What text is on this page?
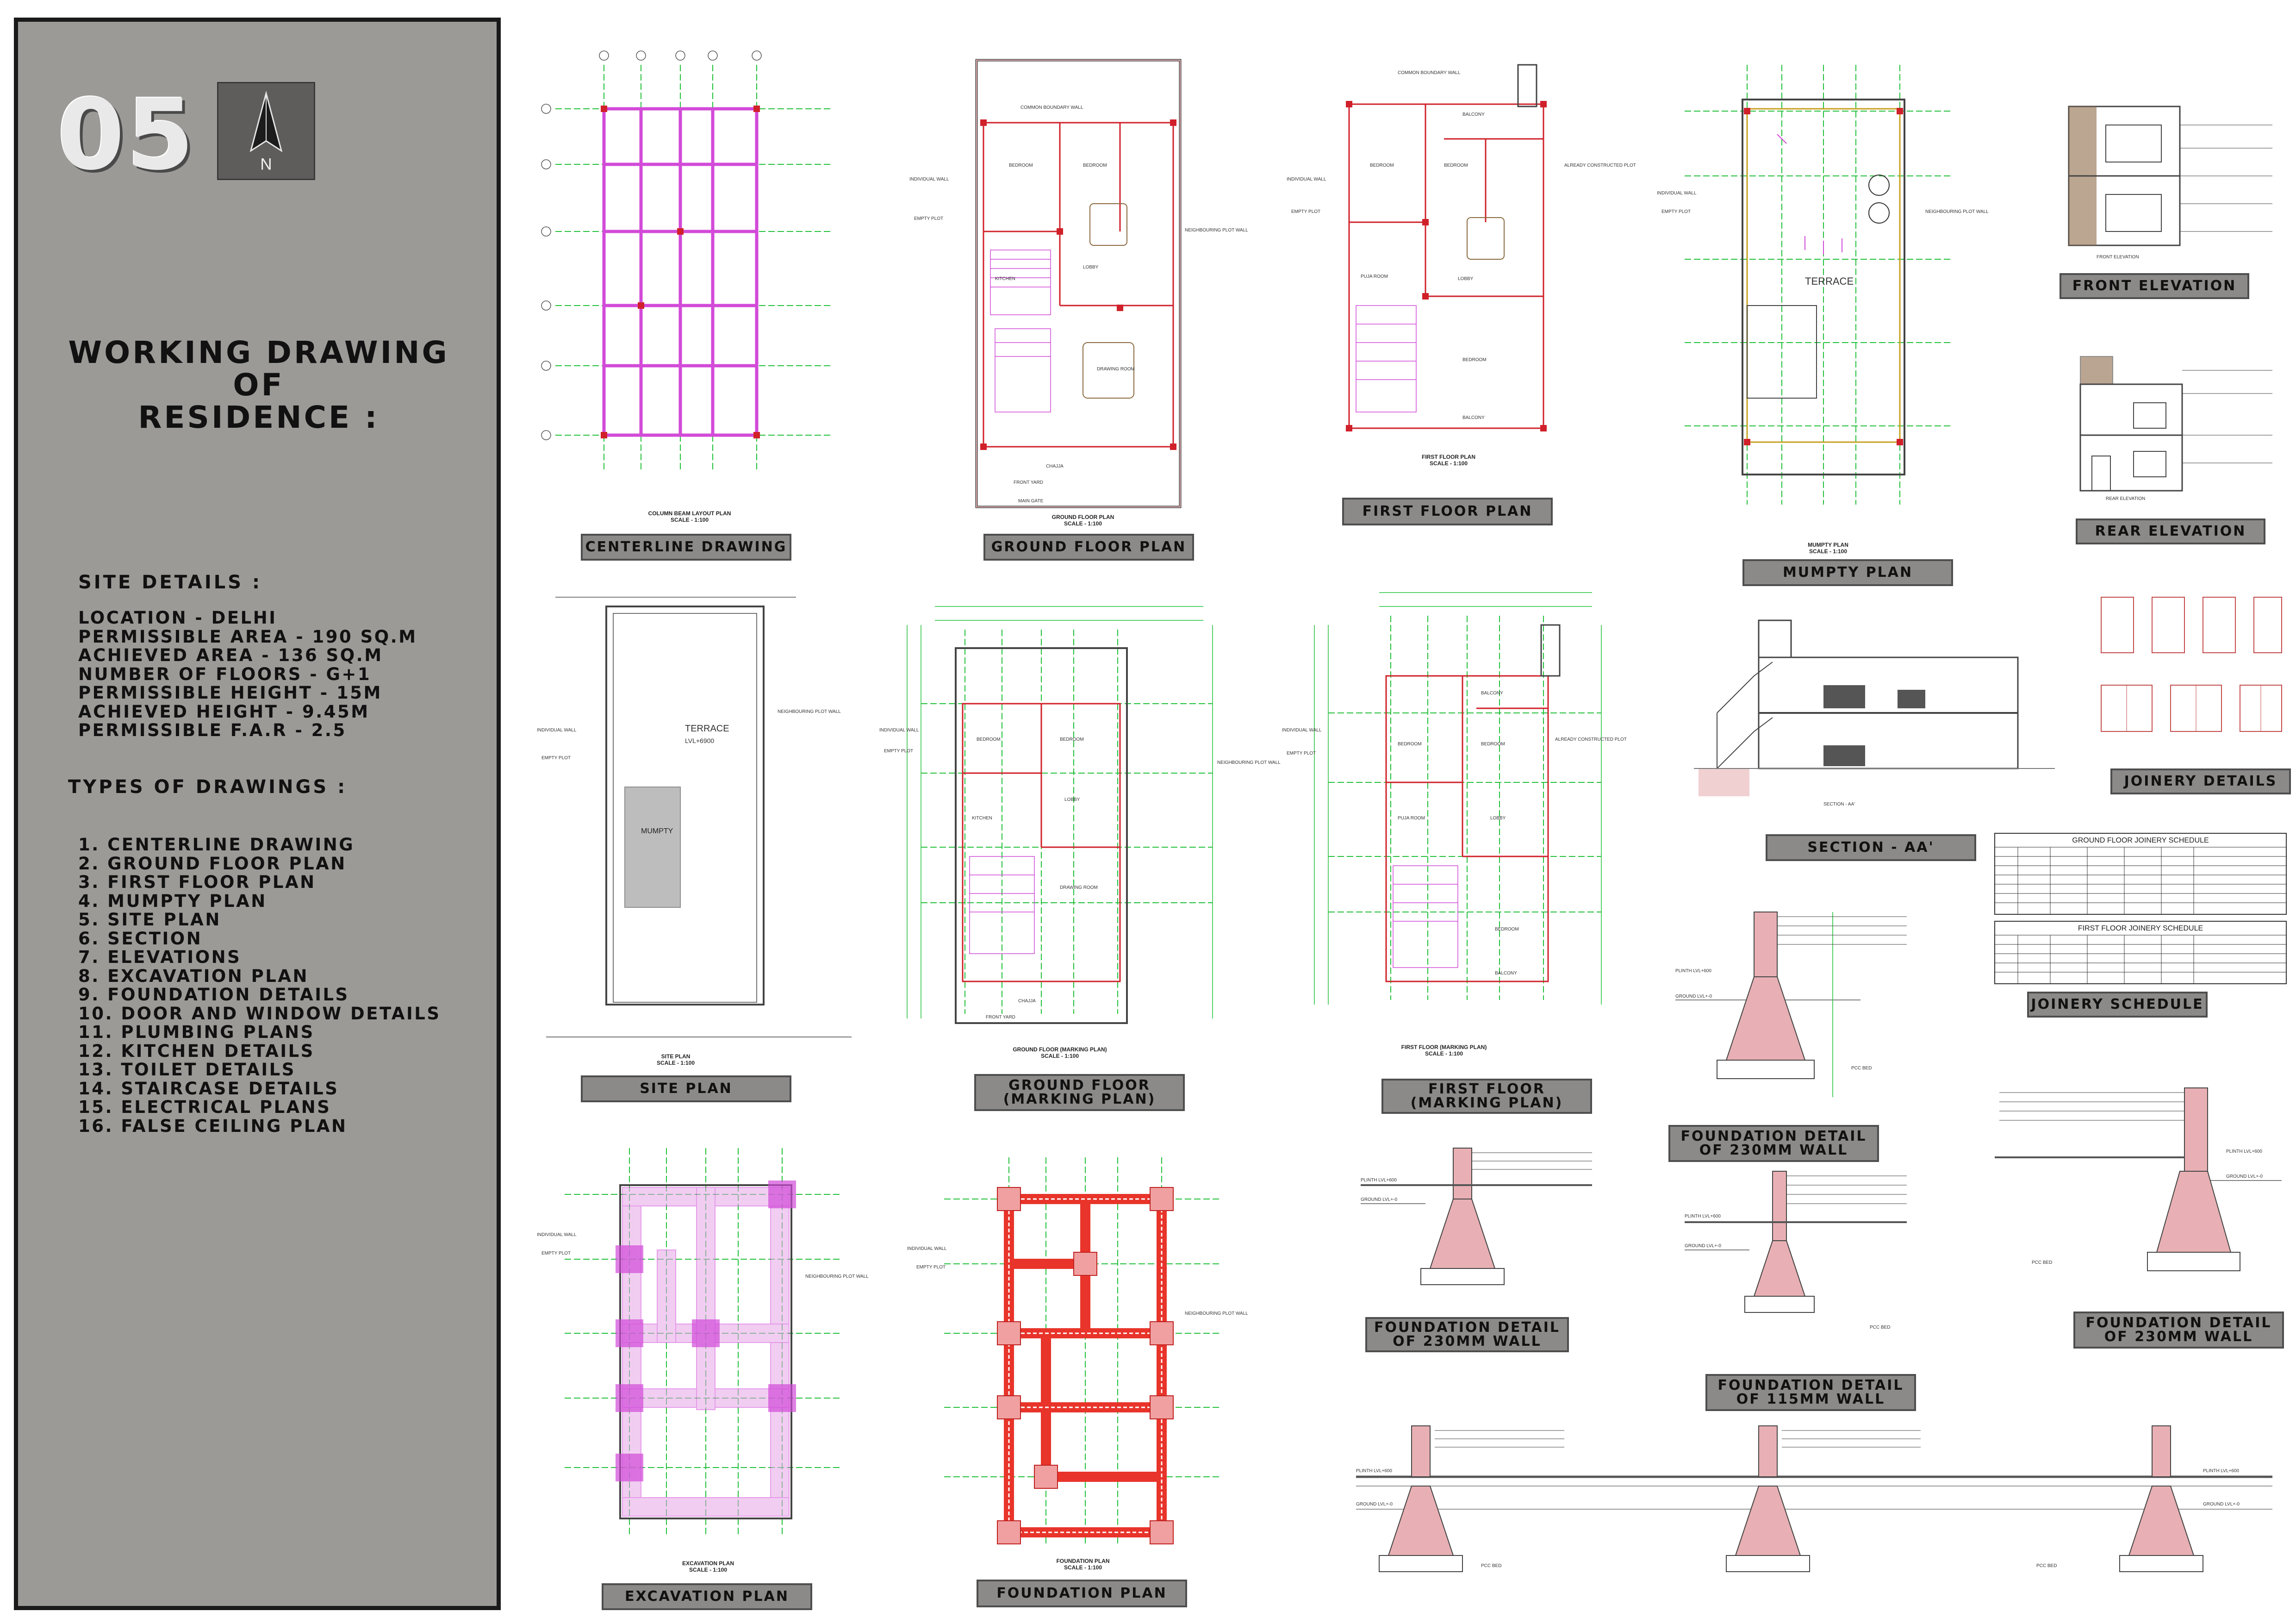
05	N
WORKING DRAWING
OF
RESIDENCE :
SITE DETAILS :
LOCATION - DELHI
PERMISSIBLE AREA - 190 SQ.M
ACHIEVED AREA - 136 SQ.M
NUMBER OF FLOORS - G+1
PERMISSIBLE HEIGHT - 15M
ACHIEVED HEIGHT - 9.45M
PERMISSIBLE F.A.R - 2.5
TYPES OF DRAWINGS :
1. CENTERLINE DRAWING
2. GROUND FLOOR PLAN
3. FIRST FLOOR PLAN
4. MUMPTY PLAN
5. SITE PLAN
6. SECTION
7. ELEVATIONS
8. EXCAVATION PLAN
9. FOUNDATION DETAILS
10. DOOR AND WINDOW DETAILS
11. PLUMBING PLANS
12. KITCHEN DETAILS
13. TOILET DETAILS
14. STAIRCASE DETAILS
15. ELECTRICAL PLANS
16. FALSE CEILING PLAN
COLUMN BEAM LAYOUT PLAN
SCALE - 1:100
CENTERLINE DRAWING
COMMON BOUNDARY WALL
BEDROOM	BEDROOM
KITCHEN
LOBBY
DRAWING ROOM
CHAJJA
FRONT YARD
MAIN GATE
INDIVIDUAL WALL
EMPTY PLOT
NEIGHBOURING PLOT WALL
GROUND FLOOR PLAN
SCALE - 1:100
GROUND FLOOR PLAN
COMMON BOUNDARY WALL
BALCONY
BEDROOM	BEDROOM
PUJA ROOM	LOBBY
BEDROOM
BALCONY
INDIVIDUAL WALL
EMPTY PLOT
ALREADY CONSTRUCTED PLOT
FIRST FLOOR PLAN
SCALE - 1:100
FIRST FLOOR PLAN
TERRACE
INDIVIDUAL WALL
EMPTY PLOT	NEIGHBOURING PLOT WALL
MUMPTY PLAN
SCALE - 1:100
MUMPTY PLAN
FRONT ELEVATION
FRONT ELEVATION
REAR ELEVATION
REAR ELEVATION
TERRACE
LVL+6900
MUMPTY
INDIVIDUAL WALL
EMPTY PLOT
NEIGHBOURING PLOT WALL
SITE PLAN
SCALE - 1:100
SITE PLAN
BEDROOM	BEDROOM
KITCHEN
LOBBY
DRAWING ROOM
CHAJJA
FRONT YARD
INDIVIDUAL WALL
EMPTY PLOT
NEIGHBOURING PLOT WALL
GROUND FLOOR (MARKING PLAN)
SCALE - 1:100
GROUND FLOOR
(MARKING PLAN)
BALCONY
BEDROOM	BEDROOM
PUJA ROOM	LOBBY
BEDROOM
BALCONY
INDIVIDUAL WALL
EMPTY PLOT
ALREADY CONSTRUCTED PLOT
FIRST FLOOR (MARKING PLAN)
SCALE - 1:100
FIRST FLOOR
(MARKING PLAN)
SECTION - AA'
SECTION - AA'
JOINERY DETAILS
GROUND FLOOR JOINERY SCHEDULE
FIRST FLOOR JOINERY SCHEDULE
JOINERY SCHEDULE
PLINTH LVL+600
GROUND LVL+-0
PCC BED
FOUNDATION DETAIL
OF 230MM WALL
INDIVIDUAL WALL
EMPTY PLOT
NEIGHBOURING PLOT WALL
EXCAVATION PLAN
SCALE - 1:100
EXCAVATION PLAN
INDIVIDUAL WALL
EMPTY PLOT
NEIGHBOURING PLOT WALL
FOUNDATION PLAN
SCALE - 1:100
FOUNDATION PLAN
PLINTH LVL+600
GROUND LVL+-0
FOUNDATION DETAIL
OF 230MM WALL
PLINTH LVL+600
GROUND LVL+-0
PCC BED
FOUNDATION DETAIL
OF 115MM WALL
PLINTH LVL+600
GROUND LVL+-0
PCC BED
FOUNDATION DETAIL
OF 230MM WALL
PLINTH LVL+600
GROUND LVL+-0
PLINTH LVL+600
GROUND LVL+-0
PCC BED	PCC BED
